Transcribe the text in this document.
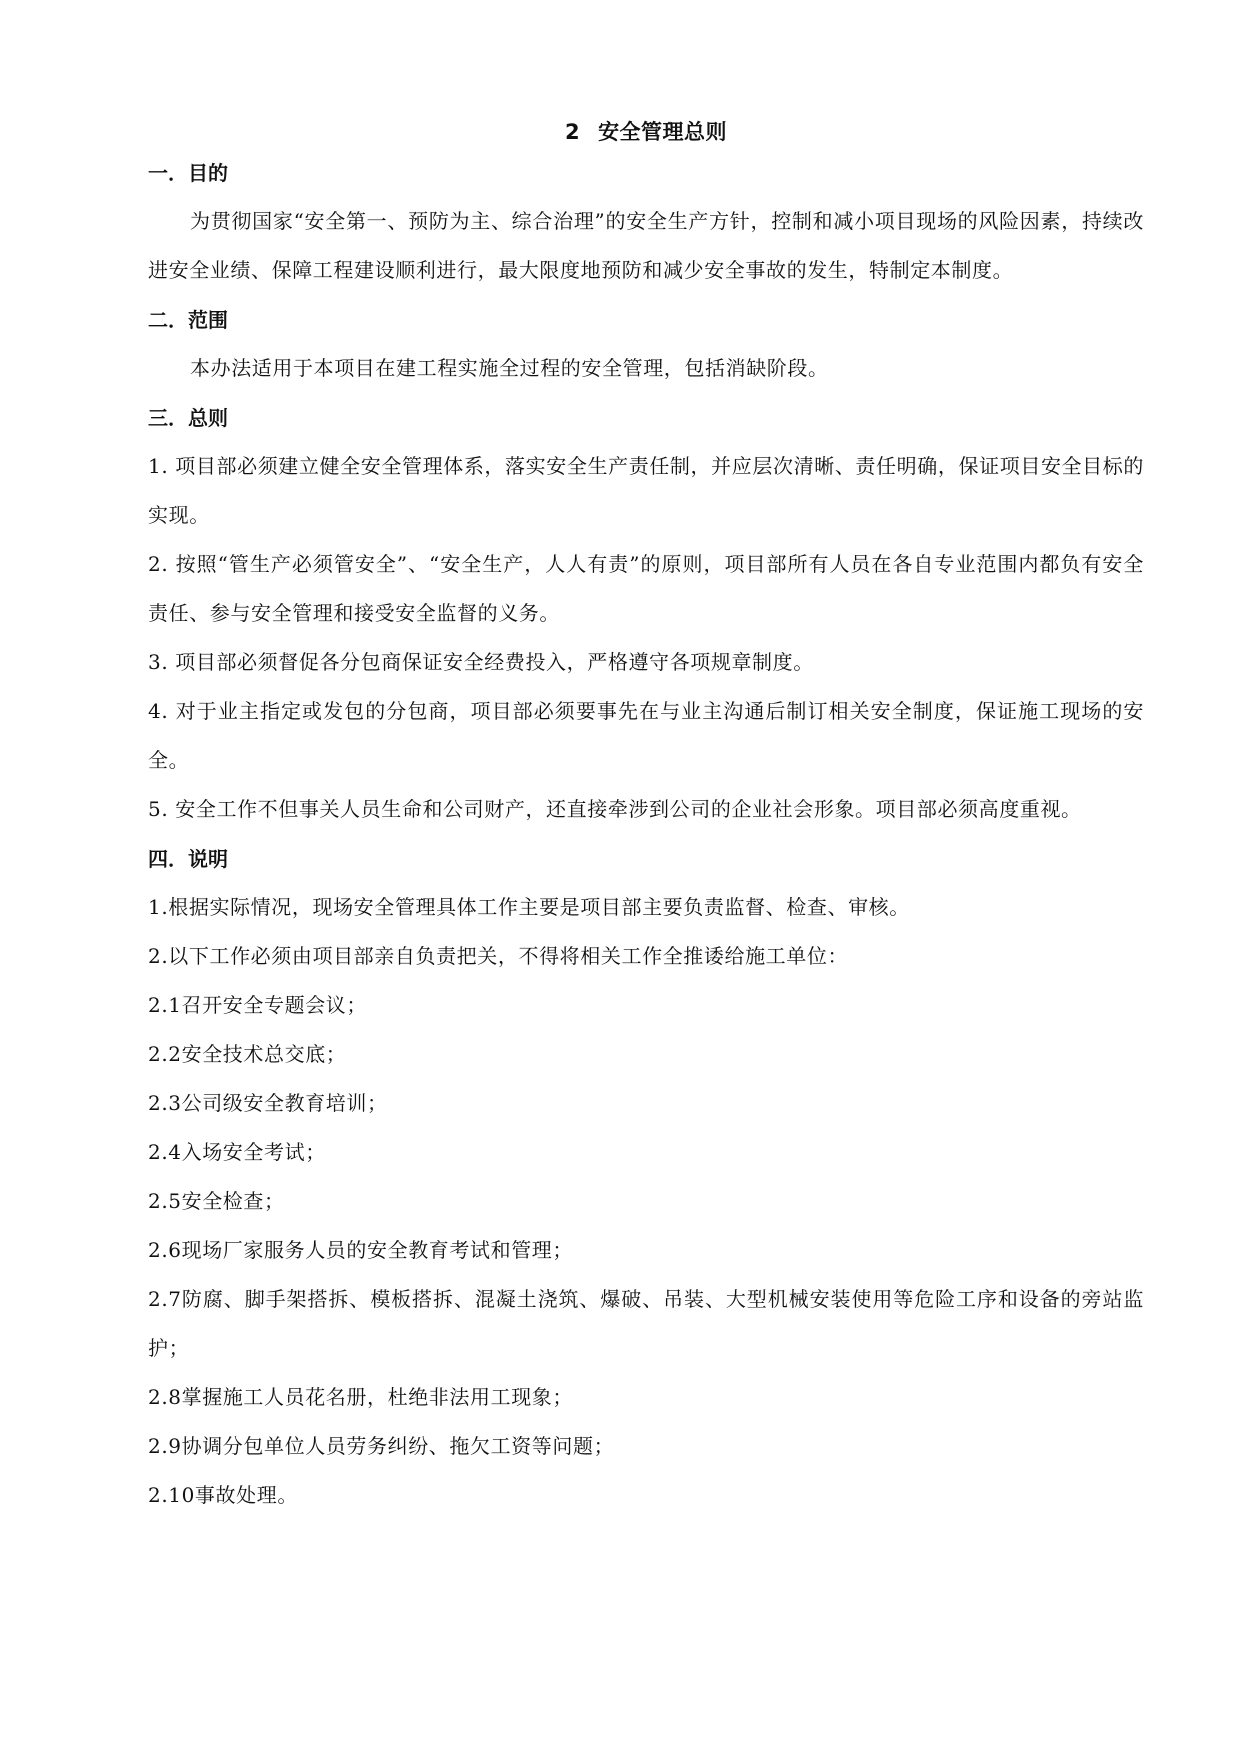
2 安全管理总则
一．目的
为贯彻国家“安全第一、预防为主、综合治理”的安全生产方针，控制和减小项目现场的风险因素，持续改进安全业绩、保障工程建设顺利进行，最大限度地预防和减少安全事故的发生，特制定本制度。
二．范围
本办法适用于本项目在建工程实施全过程的安全管理，包括消缺阶段。
三．总则
1. 项目部必须建立健全安全管理体系，落实安全生产责任制，并应层次清晰、责任明确，保证项目安全目标的实现。
2. 按照“管生产必须管安全”、“安全生产，人人有责”的原则，项目部所有人员在各自专业范围内都负有安全责任、参与安全管理和接受安全监督的义务。
3. 项目部必须督促各分包商保证安全经费投入，严格遵守各项规章制度。
4. 对于业主指定或发包的分包商，项目部必须要事先在与业主沟通后制订相关安全制度，保证施工现场的安全。
5. 安全工作不但事关人员生命和公司财产，还直接牵涉到公司的企业社会形象。项目部必须高度重视。
四．说明
1.根据实际情况，现场安全管理具体工作主要是项目部主要负责监督、检查、审核。
2.以下工作必须由项目部亲自负责把关，不得将相关工作全推诿给施工单位：
2.1召开安全专题会议；
2.2安全技术总交底；
2.3公司级安全教育培训；
2.4入场安全考试；
2.5安全检查；
2.6现场厂家服务人员的安全教育考试和管理；
2.7防腐、脚手架搭拆、模板搭拆、混凝土浇筑、爆破、吊装、大型机械安装使用等危险工序和设备的旁站监护；
2.8掌握施工人员花名册，杜绝非法用工现象；
2.9协调分包单位人员劳务纠纷、拖欠工资等问题；
2.10事故处理。
